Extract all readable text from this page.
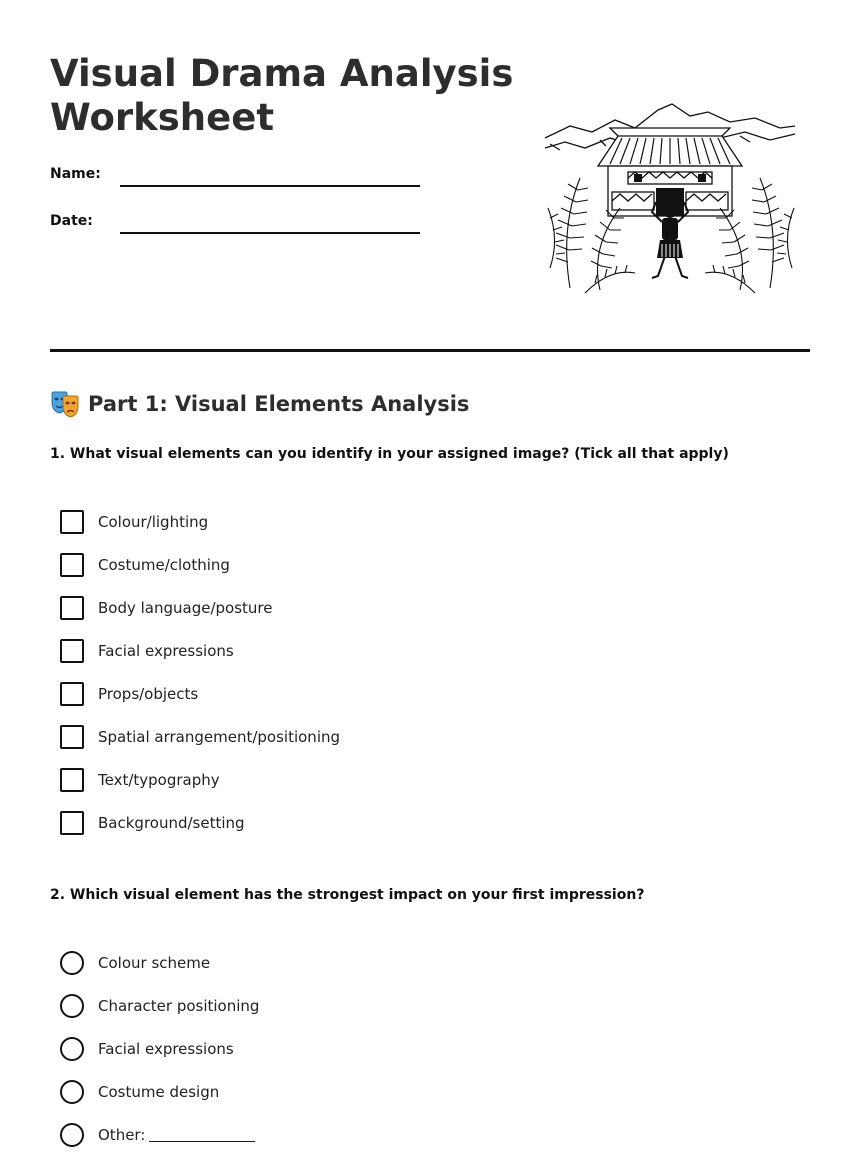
Visual Drama Analysis Worksheet
Name:
Date:
Part 1: Visual Elements Analysis
1. What visual elements can you identify in your assigned image? (Tick all that apply)
Colour/lighting
Costume/clothing
Body language/posture
Facial expressions
Props/objects
Spatial arrangement/positioning
Text/typography
Background/setting
2. Which visual element has the strongest impact on your first impression?
Colour scheme
Character positioning
Facial expressions
Costume design
Other:
